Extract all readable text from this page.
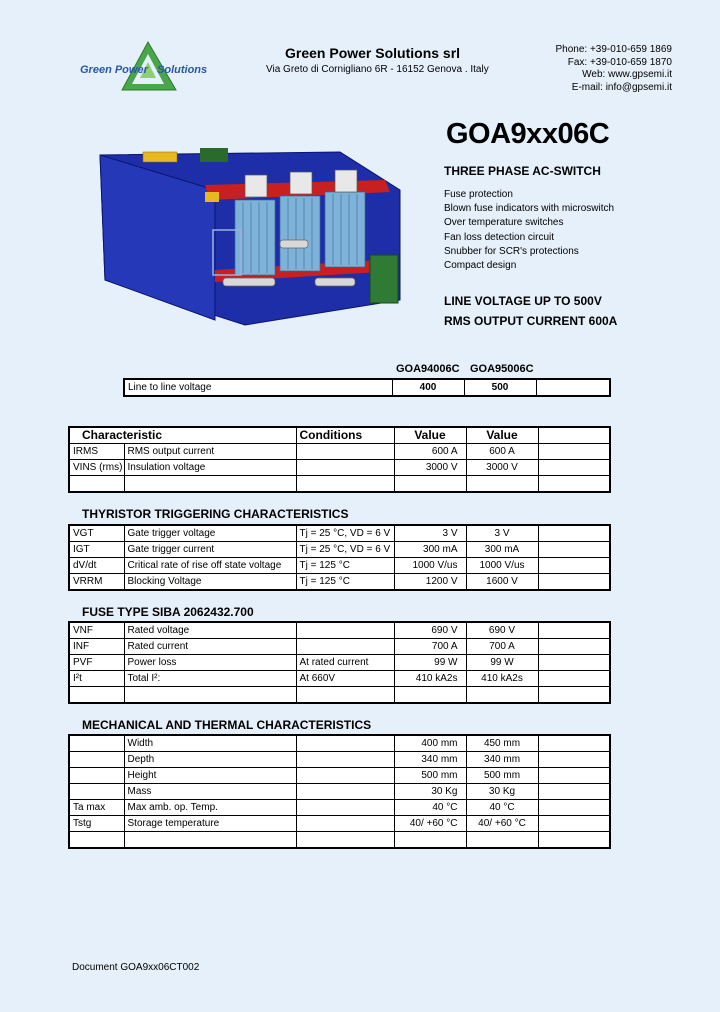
Green Power   Solutions
Green Power Solutions srl
Via Greto di Cornigliano 6R - 16152 Genova . Italy
Phone: +39-010-659 1869
Fax: +39-010-659 1870
Web: www.gpsemi.it
E-mail: info@gpsemi.it
GOA9xx06C
THREE PHASE AC-SWITCH
Fuse protection
Blown fuse indicators with microswitch
Over temperature switches
Fan loss detection circuit
Snubber for SCR's protections
Compact design
LINE VOLTAGE UP TO 500V
RMS OUTPUT CURRENT 600A
GOA94006C GOA95006C
Line to line voltage	400	500	
Characteristic		Conditions	Value	Value	
IRMS	RMS output current		600 A	600 A	
VINS (rms)	Insulation voltage		3000 V	3000 V	

THYRISTOR TRIGGERING CHARACTERISTICS
VGT	Gate trigger voltage	Tj = 25 °C, VD = 6 V	3 V	3 V	
IGT	Gate trigger current	Tj = 25 °C, VD = 6 V	300 mA	300 mA	
dV/dt	Critical rate of rise off state voltage	Tj = 125 °C	1000 V/us	1000 V/us	
VRRM	Blocking Voltage	Tj = 125 °C	1200 V	1600 V	
FUSE TYPE SIBA 2062432.700
VNF	Rated voltage		690 V	690 V	
INF	Rated current		700 A	700 A	
PVF	Power loss	At rated current	99 W	99 W	
I²t	Total I²:	At 660V	410 kA2s	410 kA2s	

MECHANICAL AND THERMAL CHARACTERISTICS
	Width		400 mm	450 mm	
	Depth		340 mm	340 mm	
	Height		500 mm	500 mm	
	Mass		30 Kg	30 Kg	
Ta max	Max amb. op. Temp.		40 °C	40 °C	
Tstg	Storage temperature		40/ +60 °C	40/ +60 °C	

Document GOA9xx06CT002
